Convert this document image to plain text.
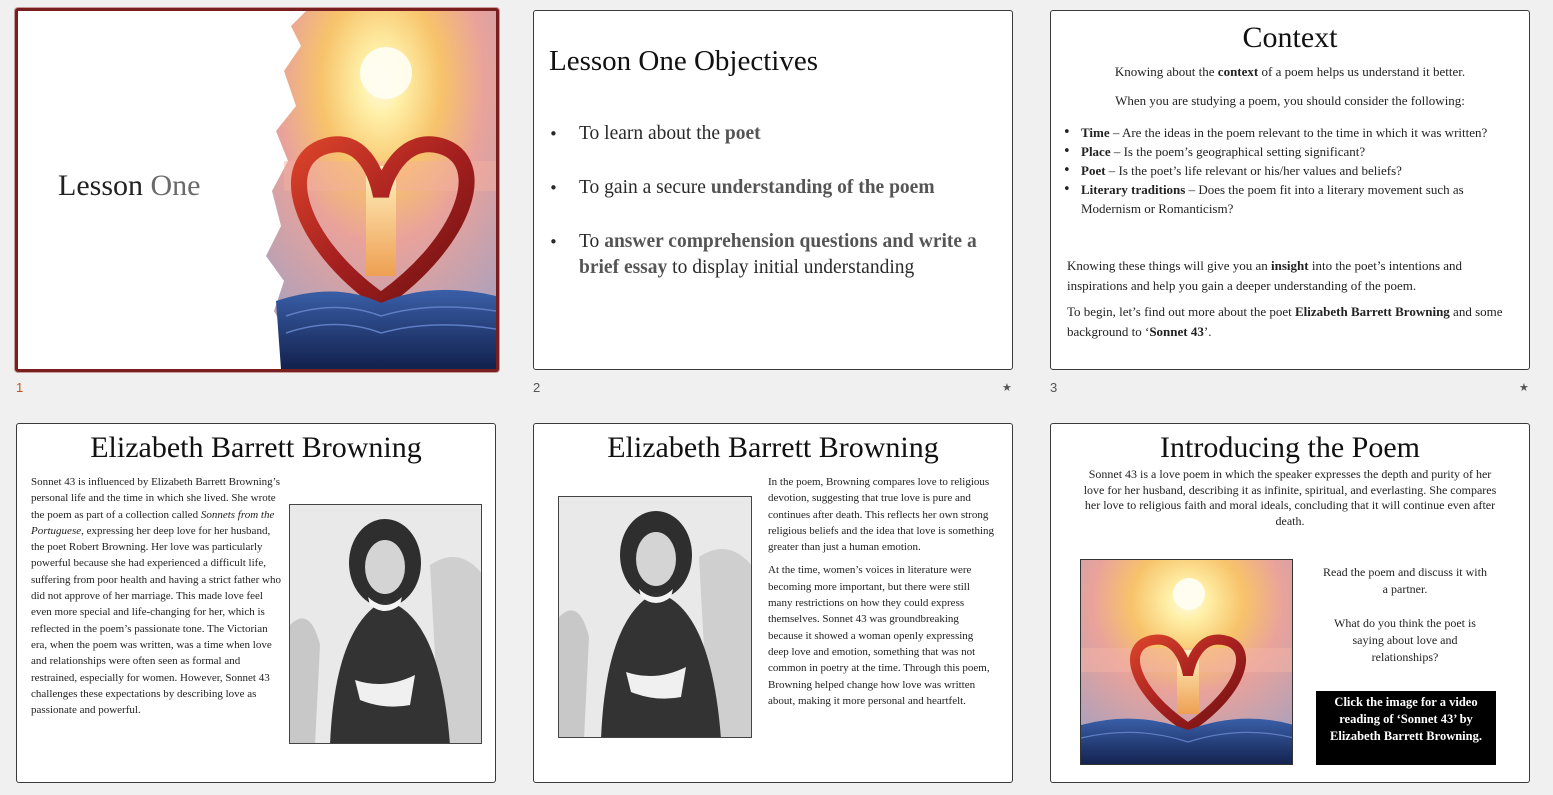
Lesson One
1
Lesson One Objectives
• To learn about the poet
• To gain a secure understanding of the poem
• To answer comprehension questions and write a brief essay to display initial understanding
2	★
Context
Knowing about the context of a poem helps us understand it better.
When you are studying a poem, you should consider the following:
• Time – Are the ideas in the poem relevant to the time in which it was written?
• Place – Is the poem’s geographical setting significant?
• Poet – Is the poet’s life relevant or his/her values and beliefs?
• Literary traditions – Does the poem fit into a literary movement such as Modernism or Romanticism?
Knowing these things will give you an insight into the poet’s intentions and inspirations and help you gain a deeper understanding of the poem.
To begin, let’s find out more about the poet Elizabeth Barrett Browning and some background to ‘Sonnet 43’.
3	★
Elizabeth Barrett Browning
Sonnet 43 is influenced by Elizabeth Barrett Browning’s personal life and the time in which she lived. She wrote the poem as part of a collection called Sonnets from the Portuguese, expressing her deep love for her husband, the poet Robert Browning. Her love was particularly powerful because she had experienced a difficult life, suffering from poor health and having a strict father who did not approve of her marriage. This made love feel even more special and life-changing for her, which is reflected in the poem’s passionate tone. The Victorian era, when the poem was written, was a time when love and relationships were often seen as formal and restrained, especially for women. However, Sonnet 43 challenges these expectations by describing love as passionate and powerful.
Elizabeth Barrett Browning

In the poem, Browning compares love to religious devotion, suggesting that true love is pure and continues after death. This reflects her own strong religious beliefs and the idea that love is something greater than just a human emotion.

At the time, women’s voices in literature were becoming more important, but there were still many restrictions on how they could express themselves. Sonnet 43 was groundbreaking because it showed a woman openly expressing deep love and emotion, something that was not common in poetry at the time. Through this poem, Browning helped change how love was written about, making it more personal and heartfelt.

Introducing the Poem
Sonnet 43 is a love poem in which the speaker expresses the depth and purity of her love for her husband, describing it as infinite, spiritual, and everlasting. She compares her love to religious faith and moral ideals, concluding that it will continue even after death.

Read the poem and discuss it with a partner.

What do you think the poet is saying about love and relationships?

Click the image for a video reading of ‘Sonnet 43’ by Elizabeth Barrett Browning.
